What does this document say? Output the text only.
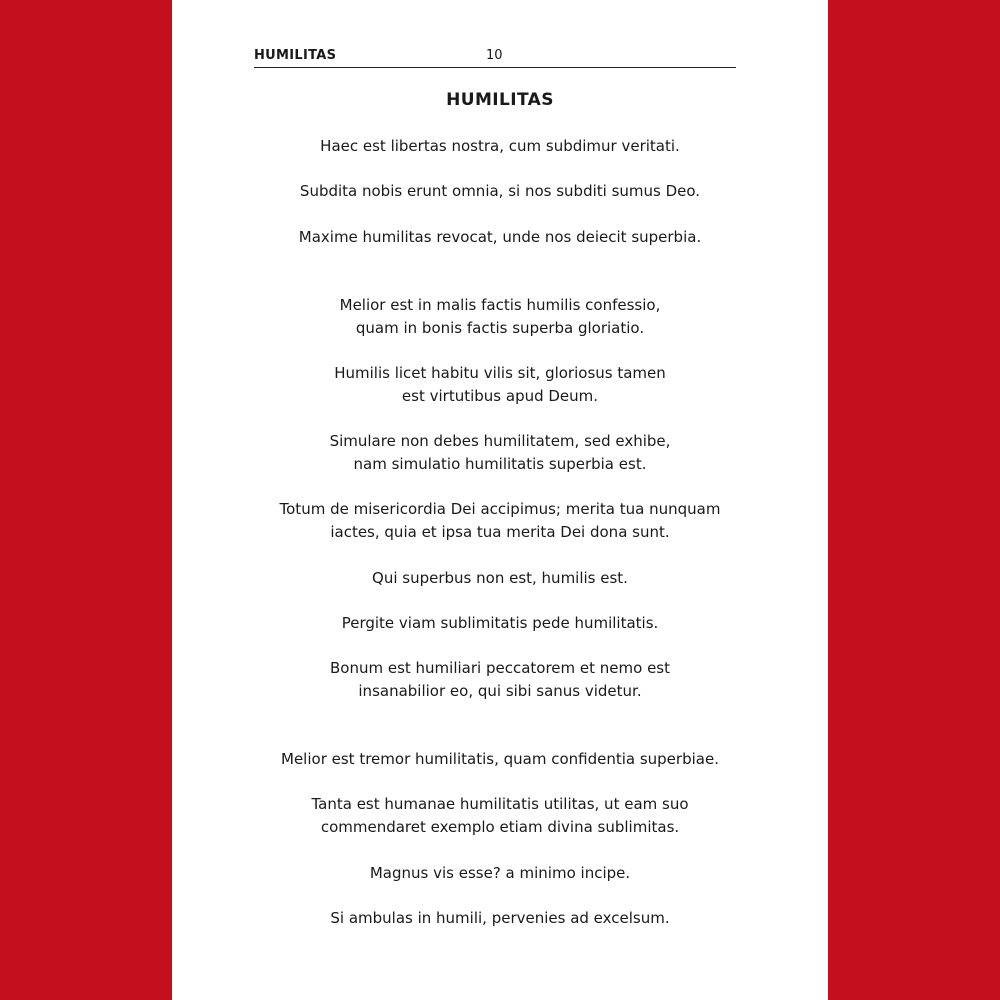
HUMILITAS	10
HUMILITAS

Haec est libertas nostra, cum subdimur veritati.

Subdita nobis erunt omnia, si nos subditi sumus Deo.

Maxime humilitas revocat, unde nos deiecit superbia.

Melior est in malis factis humilis confessio,
quam in bonis factis superba gloriatio.

Humilis licet habitu vilis sit, gloriosus tamen
est virtutibus apud Deum.

Simulare non debes humilitatem, sed exhibe,
nam simulatio humilitatis superbia est.

Totum de misericordia Dei accipimus; merita tua nunquam
iactes, quia et ipsa tua merita Dei dona sunt.

Qui superbus non est, humilis est.

Pergite viam sublimitatis pede humilitatis.

Bonum est humiliari peccatorem et nemo est
insanabilior eo, qui sibi sanus videtur.

Melior est tremor humilitatis, quam confidentia superbiae.

Tanta est humanae humilitatis utilitas, ut eam suo
commendaret exemplo etiam divina sublimitas.

Magnus vis esse? a minimo incipe.

Si ambulas in humili, pervenies ad excelsum.
